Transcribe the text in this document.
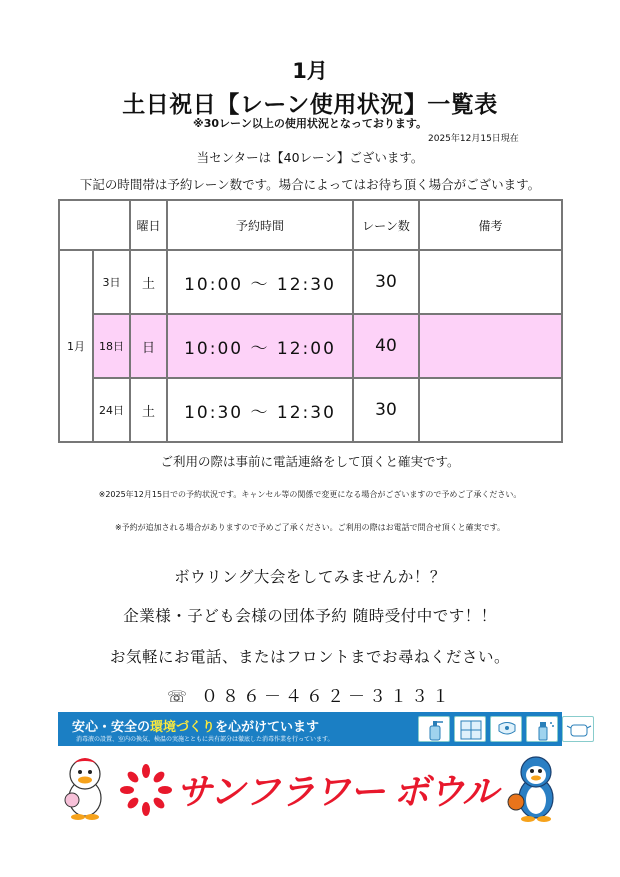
1月
土日祝日【レーン使用状況】一覧表
※30レーン以上の使用状況となっております。
2025年12月15日現在
当センターは【40レーン】ございます。
下記の時間帯は予約レーン数です。場合によってはお待ち頂く場合がございます。
		曜日	予約時間	レーン数	備考
1月	3日	土	10:00 ～ 12:30	30	
	18日	日	10:00 ～ 12:00	40	
	24日	土	10:30 ～ 12:30	30	
ご利用の際は事前に電話連絡をして頂くと確実です。
※2025年12月15日での予約状況です。キャンセル等の関係で変更になる場合がございますので予めご了承ください。
※予約が追加される場合がありますので予めご了承ください。ご利用の際はお電話で問合せ頂くと確実です。
ボウリング大会をしてみませんか！？
企業様・子ども会様の団体予約 随時受付中です！！
お気軽にお電話、またはフロントまでお尋ねください。
☏ ０８６－４６２－３１３１
安心・安全の環境づくりを心がけています
消毒液の設置、室内の換気、検温の実施とともに共有部分は徹底した消毒作業を行っています。
サンフラワー ボウル
